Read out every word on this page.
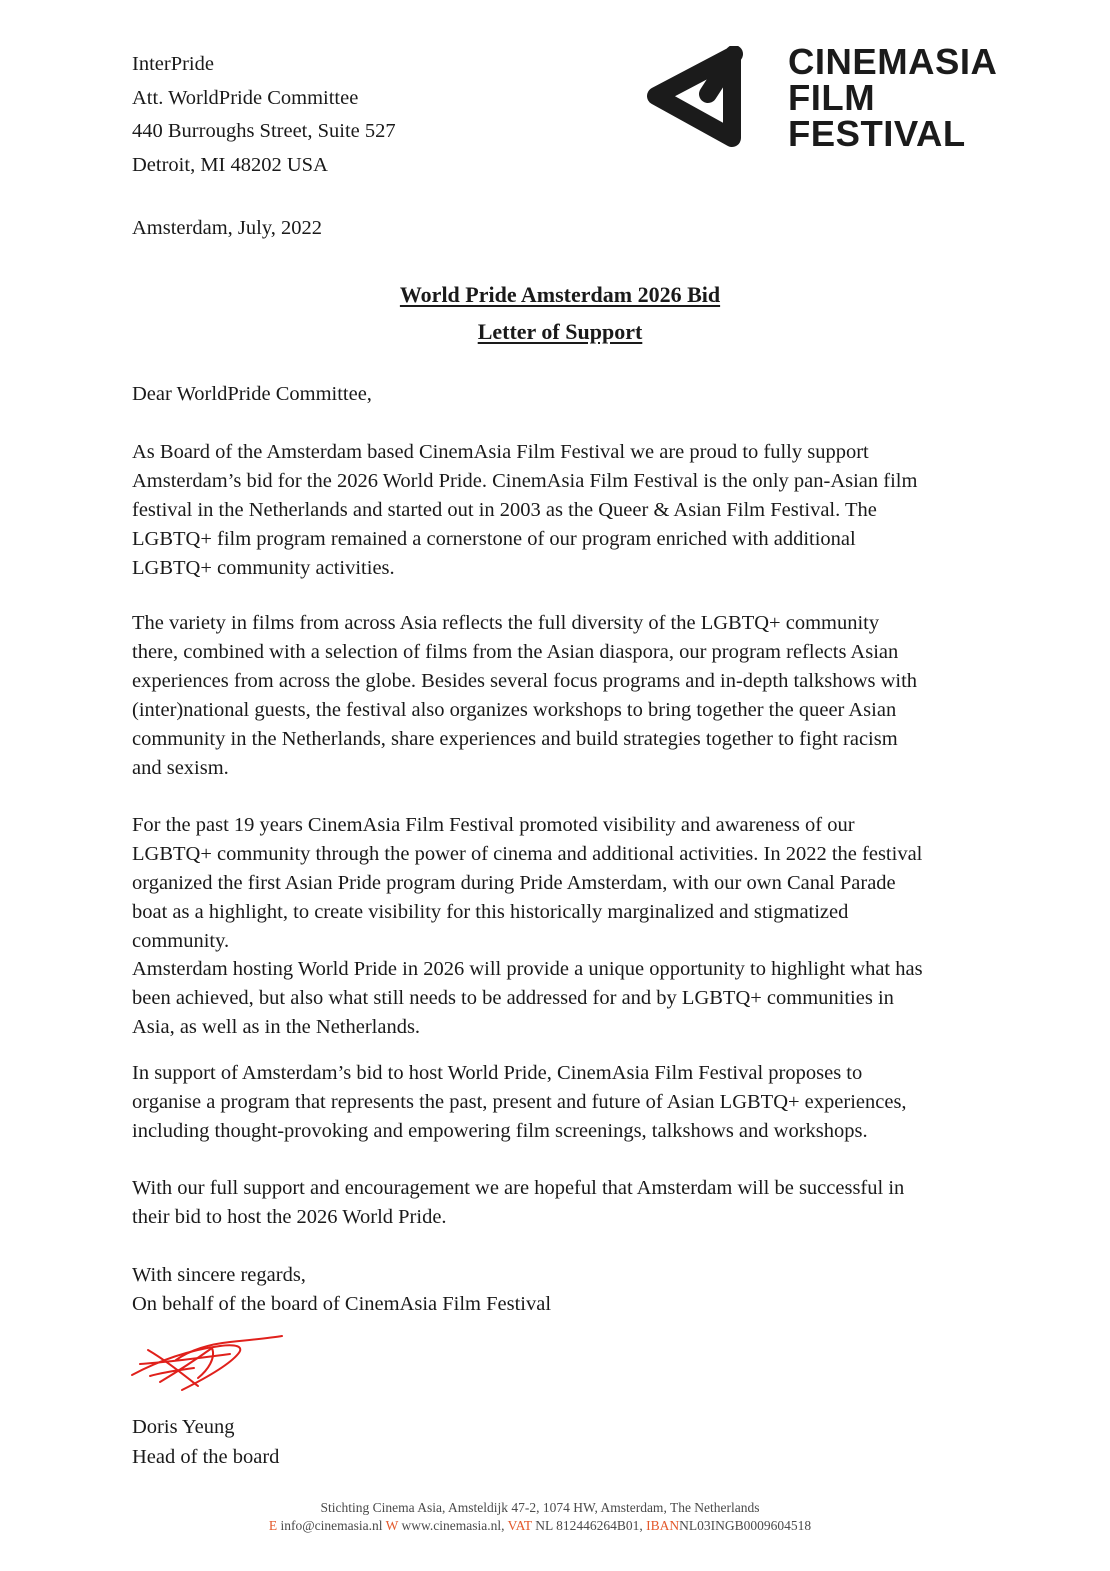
InterPride
Att. WorldPride Committee
440 Burroughs Street, Suite 527
Detroit, MI 48202 USA
CINEMASIA
FILM
FESTIVAL
Amsterdam, July, 2022
World Pride Amsterdam 2026 Bid
Letter of Support
Dear WorldPride Committee,
As Board of the Amsterdam based CinemAsia Film Festival we are proud to fully support
Amsterdam’s bid for the 2026 World Pride. CinemAsia Film Festival is the only pan-Asian film
festival in the Netherlands and started out in 2003 as the Queer & Asian Film Festival. The
LGBTQ+ film program remained a cornerstone of our program enriched with additional
LGBTQ+ community activities.
The variety in films from across Asia reflects the full diversity of the LGBTQ+ community
there, combined with a selection of films from the Asian diaspora, our program reflects Asian
experiences from across the globe. Besides several focus programs and in-depth talkshows with
(inter)national guests, the festival also organizes workshops to bring together the queer Asian
community in the Netherlands, share experiences and build strategies together to fight racism
and sexism.
For the past 19 years CinemAsia Film Festival promoted visibility and awareness of our
LGBTQ+ community through the power of cinema and additional activities. In 2022 the festival
organized the first Asian Pride program during Pride Amsterdam, with our own Canal Parade
boat as a highlight, to create visibility for this historically marginalized and stigmatized
community.
Amsterdam hosting World Pride in 2026 will provide a unique opportunity to highlight what has
been achieved, but also what still needs to be addressed for and by LGBTQ+ communities in
Asia, as well as in the Netherlands.
In support of Amsterdam’s bid to host World Pride, CinemAsia Film Festival proposes to
organise a program that represents the past, present and future of Asian LGBTQ+ experiences,
including thought-provoking and empowering film screenings, talkshows and workshops.
With our full support and encouragement we are hopeful that Amsterdam will be successful in
their bid to host the 2026 World Pride.
With sincere regards,
On behalf of the board of CinemAsia Film Festival
Doris Yeung
Head of the board
Stichting Cinema Asia, Amsteldijk 47-2, 1074 HW, Amsterdam, The Netherlands
E info@cinemasia.nl W www.cinemasia.nl, VAT NL 812446264B01, IBANNL03INGB0009604518
